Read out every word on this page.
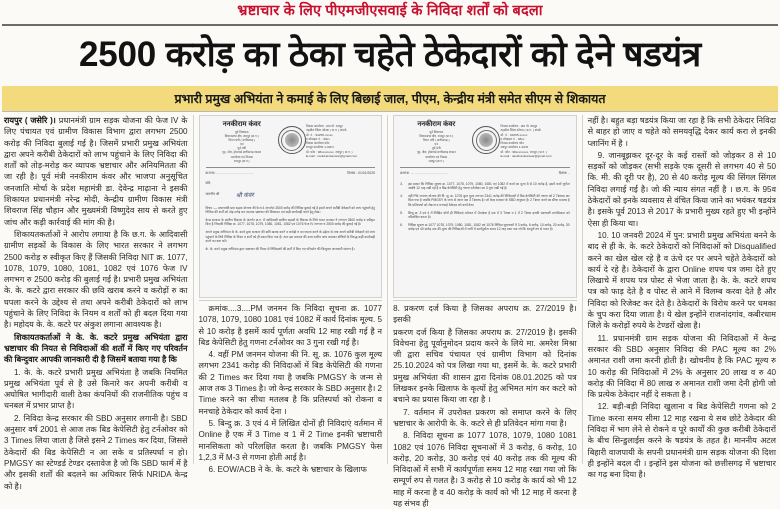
भ्रष्टाचार के लिए पीएमजीएसवाई के निविदा शर्तों को बदला
2500 करोड़ का ठेका चहेते ठेकेदारों को देने षडयंत्र
प्रभारी प्रमुख अभियंता ने कमाई के लिए बिछाई जाल, पीएम, केन्द्रीय मंत्री समेत सीएम से शिकायत

रायपुर ( जसेरि )। प्रधानमंत्री ग्राम सड़क योजना की फेज IV के लिए पंचायत एवं ग्रामीण विकास विभाग द्वारा लगभग 2500 करोड़ की निविदा बुलाई गई है। जिसमें प्रभारी प्रमुख अभियंता द्वारा अपने करीबी ठेकेदारों को लाभ पहुंचाने के लिए निविदा की शर्तों को तोड़-मरोड़ कर व्यापक भ्रष्टाचार और अनियमितता की जा रही है। पूर्व मंत्री ननकीराम कंवर और भाजपा अनुसूचित जनजाति मोर्चा के प्रदेश महामंत्री डा. देवेन्द्र माढ़ाना ने इसकी शिकायत प्रधानमंत्री नरेन्द्र मोदी, केन्द्रीय ग्रामीण विकास मंत्री शिवराज सिंह चौहान और मुख्यमंत्री विष्णुदेव साय से करते हुए जांच और कड़ी कार्रवाई की मांग की है।

शिकायतकर्ताओं ने आरोप लगाया है कि छ.ग. के आदिवासी ग्रामीण सड़कों के विकास के लिए भारत सरकार ने लगभग 2500 करोड़ रु स्वीकृत किए हैं जिसकी निविदा NIT क्र. 1077, 1078, 1079, 1080, 1081, 1082 एवं 1076 फेज IV लगभग रु 2500 करोड़ की बुलाई गई है। प्रभारी प्रमुख अभियंता के. के. कटरे द्वारा सरकार की छवि खराब करने व करोड़ों रु का घपला करने के उद्देश्य से तथा अपने करीबी ठेकेदारों को लाभ पहुंचाने के लिए निविदा के नियम व शर्तों को ही बदल दिया गया है। महोदय के. के. कटरे पर अंकुश लगाना आवश्यक है।

शिकायतकर्ताओं ने के. के. कटरे प्रमुख अभियंता द्वारा भ्रष्टाचार की नियत से निविदाओं की शर्तों में किए गए परिवर्तन की बिन्दुवार आपकी जानकारी दी है जिसमें बताया गया है कि

1. के. के. कटरे प्रभारी प्रमुख अभियंता है जबकि नियमित प्रमुख अभियंता पूर्व से है उसे किनारे कर अपनी करीबी व अघोषित भागीदारी वाली ठेका कंपनियों की राजनीतिक पहुंच व धनबल में प्रभार प्राप्त है।

2. निविदा केन्द्र सरकार की SBD अनुसार लगानी है। SBD अनुसार वर्ष 2001 से आज तक बिड केपेसिटी हेतु टर्नओवर को 3 Times लिया जाता है जिसे इसने 2 Times कर दिया, जिससे ठेकेदारों की बिड केपेसिटी न आ सके व प्रतिस्पर्धा न हो। PMGSY का स्टेण्डर्ड टेण्डर दस्तावेज है जो कि SBD फार्म में है और इसकी शर्तों की बदलने का अधिकार सिर्फ NRIDA केन्द्र को है।

ननकीराम कंवर
पूर्व विधायक
विधानसभा क्षेत्र, रामपुर (छ.ग.)
विगत मंत्री ( छत्तीसगढ़ )
एवं
पूर्व मंत्री
गृह, जेल, होमगार्ड छत्तीसगढ़ शासन
कार्यालय एवं निवास
रामपुर (छ.ग.)
निवास कार्यालय : ग्राम पो. रामपुर
तहसील जिला कोरबा ( छ.ग. ) संपर्क
मो. नं. : 94255-xxxxx
0 मोबाइल नं. : 98xx
निवास कार्यालय फोन
रायपुर कार्यालय 1-मकान
मो. फोन : 98xxxxxxxx, रायपुर ( छ.ग. )
E-mail : nankiramkanwar@gmail.com
क्रमांक.............................	दिनांक ..01/01/2025
प्रति,
माननीय श्री	श्री कंवर
विषय :— प्रधानमंत्री ग्राम सड़क योजना की फेज 4 अन्तर्गत 2500 करोड़ की निविदा बुलाई गई है इसमें अपने करीबी ठेकेदारों को लाभ पहुंचाने हेतु निविदा की शर्तों को तोड़ मरोड़ कर व्यापक भ्रष्टाचार की शिकायत एवं कड़ी कार्यवाही करने हेतु लेख।
केन्द्र सरकार के ग्रामीण विकास के अंतर्गत छ.ग. में आदिवासी ग्रामीण सड़कों के विकास के लिये भारत सरकार ने लगभग 2500 करोड़ रु स्वीकृत किए है जिसकी निविदा क्र. 1077, 1078, 1079, 1080, 1081, 1082 एवं 1076 फेज IV लगभग रु 2500 करोड़ की बुलाई गई है।
अपने प्रमुख अभियंता के के. कटरे द्वारा सरकार की छवि खराब करने व करोड़ों रु का घपला करने के उद्देश्य से तथा अपने करीबी ठेकेदारों को लाभ पहुंचाने के लिये निविदा के नियम व शर्तों को ही बदल दिया गया है। अतः इस प्रकरण की उच्च स्तरीय जांच कराकर दोषियों के विरुद्ध कड़ी कार्यवाही करने का कष्ट करें।
के. के. कटरे प्रमुख अभियंता द्वारा भ्रष्टाचार की नियत से निविदाओं की शर्तों में किए गए परिवर्तन की बिन्दुवार जानकारी संलग्न है।

क्रमांक....3....PM जनमन कि निविदा सूचना क्र. 1077 1078, 1079, 1080 1081 एवं 1082 में कार्य दिनांक मूल्य. 5 से 10 करोड़ है इसमें कार्य पूर्णता अवधि 12 माह रखी गई है न बिड केपेसिटी हेतु गणना टर्नओवर का 3 गुना रखी गई है।

4. वहीं PM जनमन योजना की नि. सू. क्र. 1076 कुल मूल्य लगभग 2341 करोड़ की निविदाओं में बिड केपेसिटी की गणना की 2 Times कर दिया गया है जबकि PMGSY के जन्म से आज तक 3 Times है। जो केन्द्र सरकार के SBD अनुसार है। 2 Time करने का सीधा मतलब है कि प्रतिस्पर्धा को रोकना व मनचाहे ठेकेदार को कार्य देना ।

5. बिन्दु क्र. 3 एवं 4 में लिखित दोनों ही निविदाएं वर्तमान में Online है एक में 3 Time व 1 में 2 Time इनकी भ्रष्टाचारी मानसिकता को परिलक्षित करता है। जबकि PMGSY फेस 1,2,3 में M-3 से गणना होती आई है।

6. EOW/ACB ने के. के. कटरे के भ्रष्टाचार के खिलाफ

ननकीराम कंवर
पूर्व विधायक
विधानसभा क्षेत्र, रामपुर (छ.ग.)
विगत मंत्री ( छत्तीसगढ़ )
एवं
पूर्व मंत्री
गृह, जेल, होमगार्ड छत्तीसगढ़ शासन
कार्यालय एवं निवास
रामपुर (छ.ग.)
निवास कार्यालय : ग्राम पो. रामपुर
तहसील जिला कोरबा ( छ.ग. ) संपर्क
मो. नं. : 94255-xxxxx
0 मोबाइल नं. : 98xx
निवास कार्यालय फोन
रायपुर कार्यालय 1-मकान
मो. फोन : 98xxxxxxxx, रायपुर ( छ.ग. )
E-mail : nankiramkanwar@gmail.com
क्रमांक.............................	दिनांक ..
3.	इस प्रकार कि निविदा सूचना क्र. 1077, 1078, 1079, 1080, 1081 एवं 1082 में कार्य का मूल्य 5 से 10 करोड़ है, इसमें कार्य पूर्णता अवधि 12 माह रखी गई है व बिड केपेसिटी हेतु गणना टर्नओवर का 3 गुना रखी गई है।
4.	वहीं PM जनमन योजना की नि. सू. क्र. 1076 कुल मूल्य लगभग 2341 करोड़ की निविदाओं में बिड केपेसिटी की गणना को 2 Times कर दिया गया है जबकि PMGSY के जन्म से आज तक 3 Times है। जो केन्द्र सरकार के SBD अनुसार है। 2 Time करने का सीधा मतलब है कि प्रतिस्पर्धा को रोकना व मनचाहे ठेकेदार को कार्य देना।
5.	बिन्दु क्र. 3 एवं 4 में लिखित दोनों ही निविदाएं वर्तमान में Online है एक में 3 Time व 1 में 2 Time इनकी भ्रष्टाचारी मानसिकता को परिलक्षित करता है।
6.	निविदा सूचना क्र 1077 1078, 1079, 1080, 1081, 1082 एवं 1076 निविदा सूचनाओं में 3 करोड़, 6 करोड़, 10 करोड़, 20 करोड़, 30 करोड़ एवं 40 करोड़ तक की मूल्य की निविदाओं में सभी में कार्यपूर्णता समय 12 माह रखा गया जो कि सम्पूर्ण रुप से गलत है।

8. प्रकरण दर्ज किया है जिसका अपराध क्र. 27/2019 है। इसकी

प्रकरण दर्ज किया है जिसका अपराध क्र. 27/2019 है। इसकी विवेचना हेतु पूर्वानुमोदन प्रदाय करने के लिये मा. अमरेश मिश्रा जी द्वारा सचिव पंचायत एवं ग्रामीण विभाग को दिनांक 25.10.2024 को पत्र लिखा गया था, इसमें के. के. कटरे प्रभारी प्रमुख अभियंता की शासन द्वारा दिनांक 08.01.2025 को पत्र लिखकर इनके खिलाफ के कृत्यों हेतु अभिमत मांग कर कटरे को बचाने का प्रयास किया जा रहा है ।

7. वर्तमान में उपरोक्त प्रकरण को समाप्त करने के लिए भ्रष्टाचार के आरोपी के. के. कटरे से ही प्रतिवेदन मांगा गया है।

8. निविदा सूचना क्र 1077 1078, 1079, 1080 1081 1082 एवं 1076 निविदा सूचनाओं में 3 करोड़, 6 करोड़, 10 करोड़, 20 करोड़, 30 करोड़ एवं 40 करोड़ तक की मूल्य की निविदाओं में सभी में कार्यपूर्णता समय 12 माह रखा गया जो कि सम्पूर्ण रुप से गलत है। 3 करोड़ से 10 करोड़ के कार्य को भी 12 माह में करना है व 40 करोड़ के कार्य को भी 12 माह में करना है यह संभव ही

नहीं है। बहुत बड़ा षडयंत्र किया जा रहा है कि सभी ठेकेदार निविदा से बाहर हो जाए व चहेते को समयवृद्धि देकर कार्य करा ले इनकी प्लानिंग में है ।

9. जानबूझकर दूर-दूर के कई रास्तों को जोड़कर 8 से 10 सड़कों को जोड़कर (सभी सड़के एक दूसरी से लगभग 40 से 50 कि. मी. की दूरी पर है), 20 से 40 करोड़ मूल्य की सिंगल सिंगल निविदा लगाई गई है। जो की न्याय संगत नहीं है । छ.ग. के 95व ठेकेदारों को इनके व्यवसाय से वंचित किया जाने का भयंकर षडयंत्र है। इसके पूर्व 2013 से 2017 के प्रभारी मुख्य रहते हुए भी इन्होंने ऐसा ही किया था।

10. 10 जनवरी 2024 में पुन: प्रभारी प्रमुख अभियंता बनने के बाद से ही के. के. कटरे ठेकेदारों को निविदाओं को Disqualified करने का खेल खेल रहे है व ऊंचे दर पर अपने चहेते ठेकेदारों को कार्य दे रहे है। ठेकेदारों के द्वारा Online शपथ पत्र जमा देते हुए लिखाचे में शपथ पत्र पोस्ट से भेजा जाता है। के. के. कटरे शपथ पत्र को फाड़ देते है व पोस्ट से आने में विलम्ब करवा देते है और निविदा को रिजेक्ट कर देते है। ठेकेदारों के विरोध करने पर धमका के चुप करा दिया जाता है। ये खेल इन्होंने राजनांदगांव, कबीरधाम जिले के करोड़ों रुपये के टेण्डरों खेला है।

11. प्रधानमंत्री ग्राम सड़क योजना की निविदाओं में केन्द्र सरकार की SBD अनुसार निविदा की PAC मूल्य का 2% अमानत राशी जमा करनी होती है। खोचनीय है कि PAC मूल्य रु 10 करोड़ की निविदाओं में 2% के अनुसार 20 लाख व रु 40 करोड़ की निविदा में 80 लाख रु अमानत राशी जमा देनी होगी जो कि प्रत्येक ठेकेदार नहीं दे सकता है ।

12. बड़ी-बड़ी निविदा खुलाना व बिड केपेसिटी गणना को 2 Time करना समय सीमा 12 माह रखना ये सब छोटे ठेकेदार की निविदा में भाग लेने से रोकने व पूरे कार्यों की कुछ करीबी ठेकेदारों के बीच सिन्डुलाईस करने के षडयंत्र के तहत है। माननीय अटल बिहारी वाजपायी के सपनी प्रधानमंत्री ग्राम सड़क योजना की दिशा ही इन्होंने बदल दी । इन्होंने इस योजना को छत्तीसगढ़ में भ्रष्टाचार का गढ़ बना दिया है।
